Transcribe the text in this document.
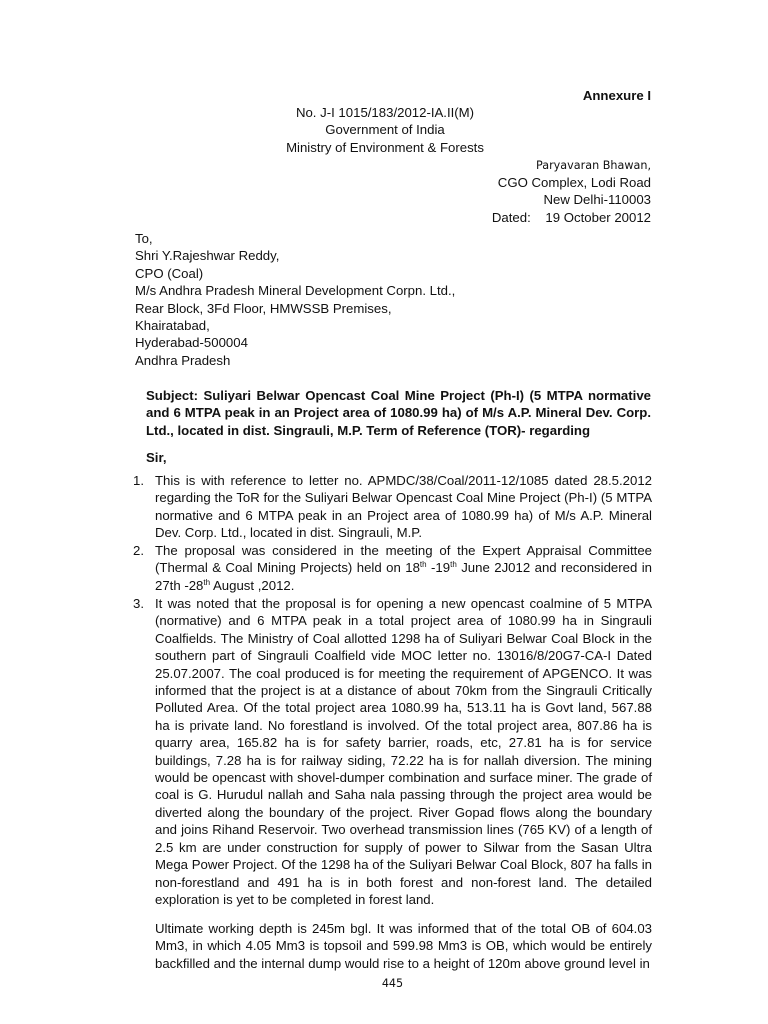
Annexure I
No. J-I 1015/183/2012-IA.II(M)
Government of India
Ministry of Environment & Forests
Paryavaran Bhawan,
CGO Complex, Lodi Road
New Delhi-110003
Dated: 19 October 20012
To,
Shri Y.Rajeshwar Reddy,
CPO (Coal)
M/s Andhra Pradesh Mineral Development Corpn. Ltd.,
Rear Block, 3Fd Floor, HMWSSB Premises,
Khairatabad,
Hyderabad-500004
Andhra Pradesh
Subject: Suliyari Belwar Opencast Coal Mine Project (Ph-I) (5 MTPA normative and 6 MTPA peak in an Project area of 1080.99 ha) of M/s A.P. Mineral Dev. Corp. Ltd., located in dist. Singrauli, M.P. Term of Reference (TOR)- regarding
Sir,
1. This is with reference to letter no. APMDC/38/Coal/2011-12/1085 dated 28.5.2012 regarding the ToR for the Suliyari Belwar Opencast Coal Mine Project (Ph-I) (5 MTPA normative and 6 MTPA peak in an Project area of 1080.99 ha) of M/s A.P. Mineral Dev. Corp. Ltd., located in dist. Singrauli, M.P.
2. The proposal was considered in the meeting of the Expert Appraisal Committee (Thermal & Coal Mining Projects) held on 18th -19th June 2J012 and reconsidered in 27th -28th August ,2012.
3. It was noted that the proposal is for opening a new opencast coalmine of 5 MTPA (normative) and 6 MTPA peak in a total project area of 1080.99 ha in Singrauli Coalfields. The Ministry of Coal allotted 1298 ha of Suliyari Belwar Coal Block in the southern part of Singrauli Coalfield vide MOC letter no. 13016/8/20G7-CA-I Dated 25.07.2007. The coal produced is for meeting the requirement of APGENCO. It was informed that the project is at a distance of about 70km from the Singrauli Critically Polluted Area. Of the total project area 1080.99 ha, 513.11 ha is Govt land, 567.88 ha is private land. No forestland is involved. Of the total project area, 807.86 ha is quarry area, 165.82 ha is for safety barrier, roads, etc, 27.81 ha is for service buildings, 7.28 ha is for railway siding, 72.22 ha is for nallah diversion. The mining would be opencast with shovel-dumper combination and surface miner. The grade of coal is G. Hurudul nallah and Saha nala passing through the project area would be diverted along the boundary of the project. River Gopad flows along the boundary and joins Rihand Reservoir. Two overhead transmission lines (765 KV) of a length of 2.5 km are under construction for supply of power to Silwar from the Sasan Ultra Mega Power Project. Of the 1298 ha of the Suliyari Belwar Coal Block, 807 ha falls in non-forestland and 491 ha is in both forest and non-forest land. The detailed exploration is yet to be completed in forest land.
Ultimate working depth is 245m bgl. It was informed that of the total OB of 604.03 Mm3, in which 4.05 Mm3 is topsoil and 599.98 Mm3 is OB, which would be entirely backfilled and the internal dump would rise to a height of 120m above ground level in
445
